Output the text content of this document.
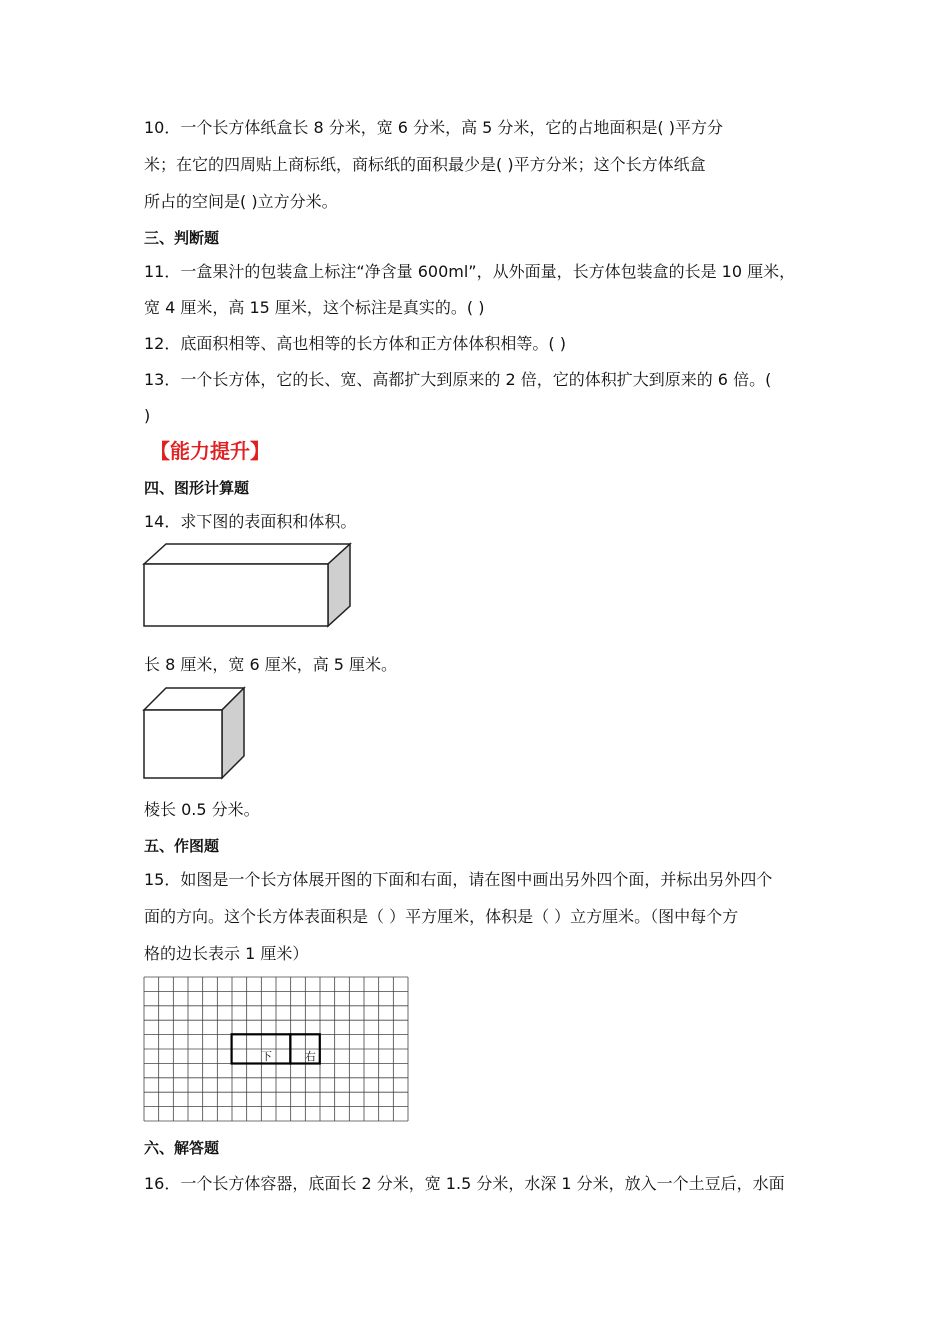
10．一个长方体纸盒长 8 分米，宽 6 分米，高 5 分米，它的占地面积是( )平方分
米；在它的四周贴上商标纸，商标纸的面积最少是( )平方分米；这个长方体纸盒
所占的空间是( )立方分米。
三、判断题
11．一盒果汁的包装盒上标注“净含量 600ml”，从外面量，长方体包装盒的长是 10 厘米，
宽 4 厘米，高 15 厘米，这个标注是真实的。( )
12．底面积相等、高也相等的长方体和正方体体积相等。( )
13．一个长方体，它的长、宽、高都扩大到原来的 2 倍，它的体积扩大到原来的 6 倍。(
)
【能力提升】
四、图形计算题
14．求下图的表面积和体积。
长 8 厘米，宽 6 厘米，高 5 厘米。
棱长 0.5 分米。
五、作图题
15．如图是一个长方体展开图的下面和右面，请在图中画出另外四个面，并标出另外四个
面的方向。这个长方体表面积是（ ）平方厘米，体积是（ ）立方厘米。（图中每个方
格的边长表示 1 厘米）
下	右
六、解答题
16．一个长方体容器，底面长 2 分米，宽 1.5 分米，水深 1 分米，放入一个土豆后，水面
